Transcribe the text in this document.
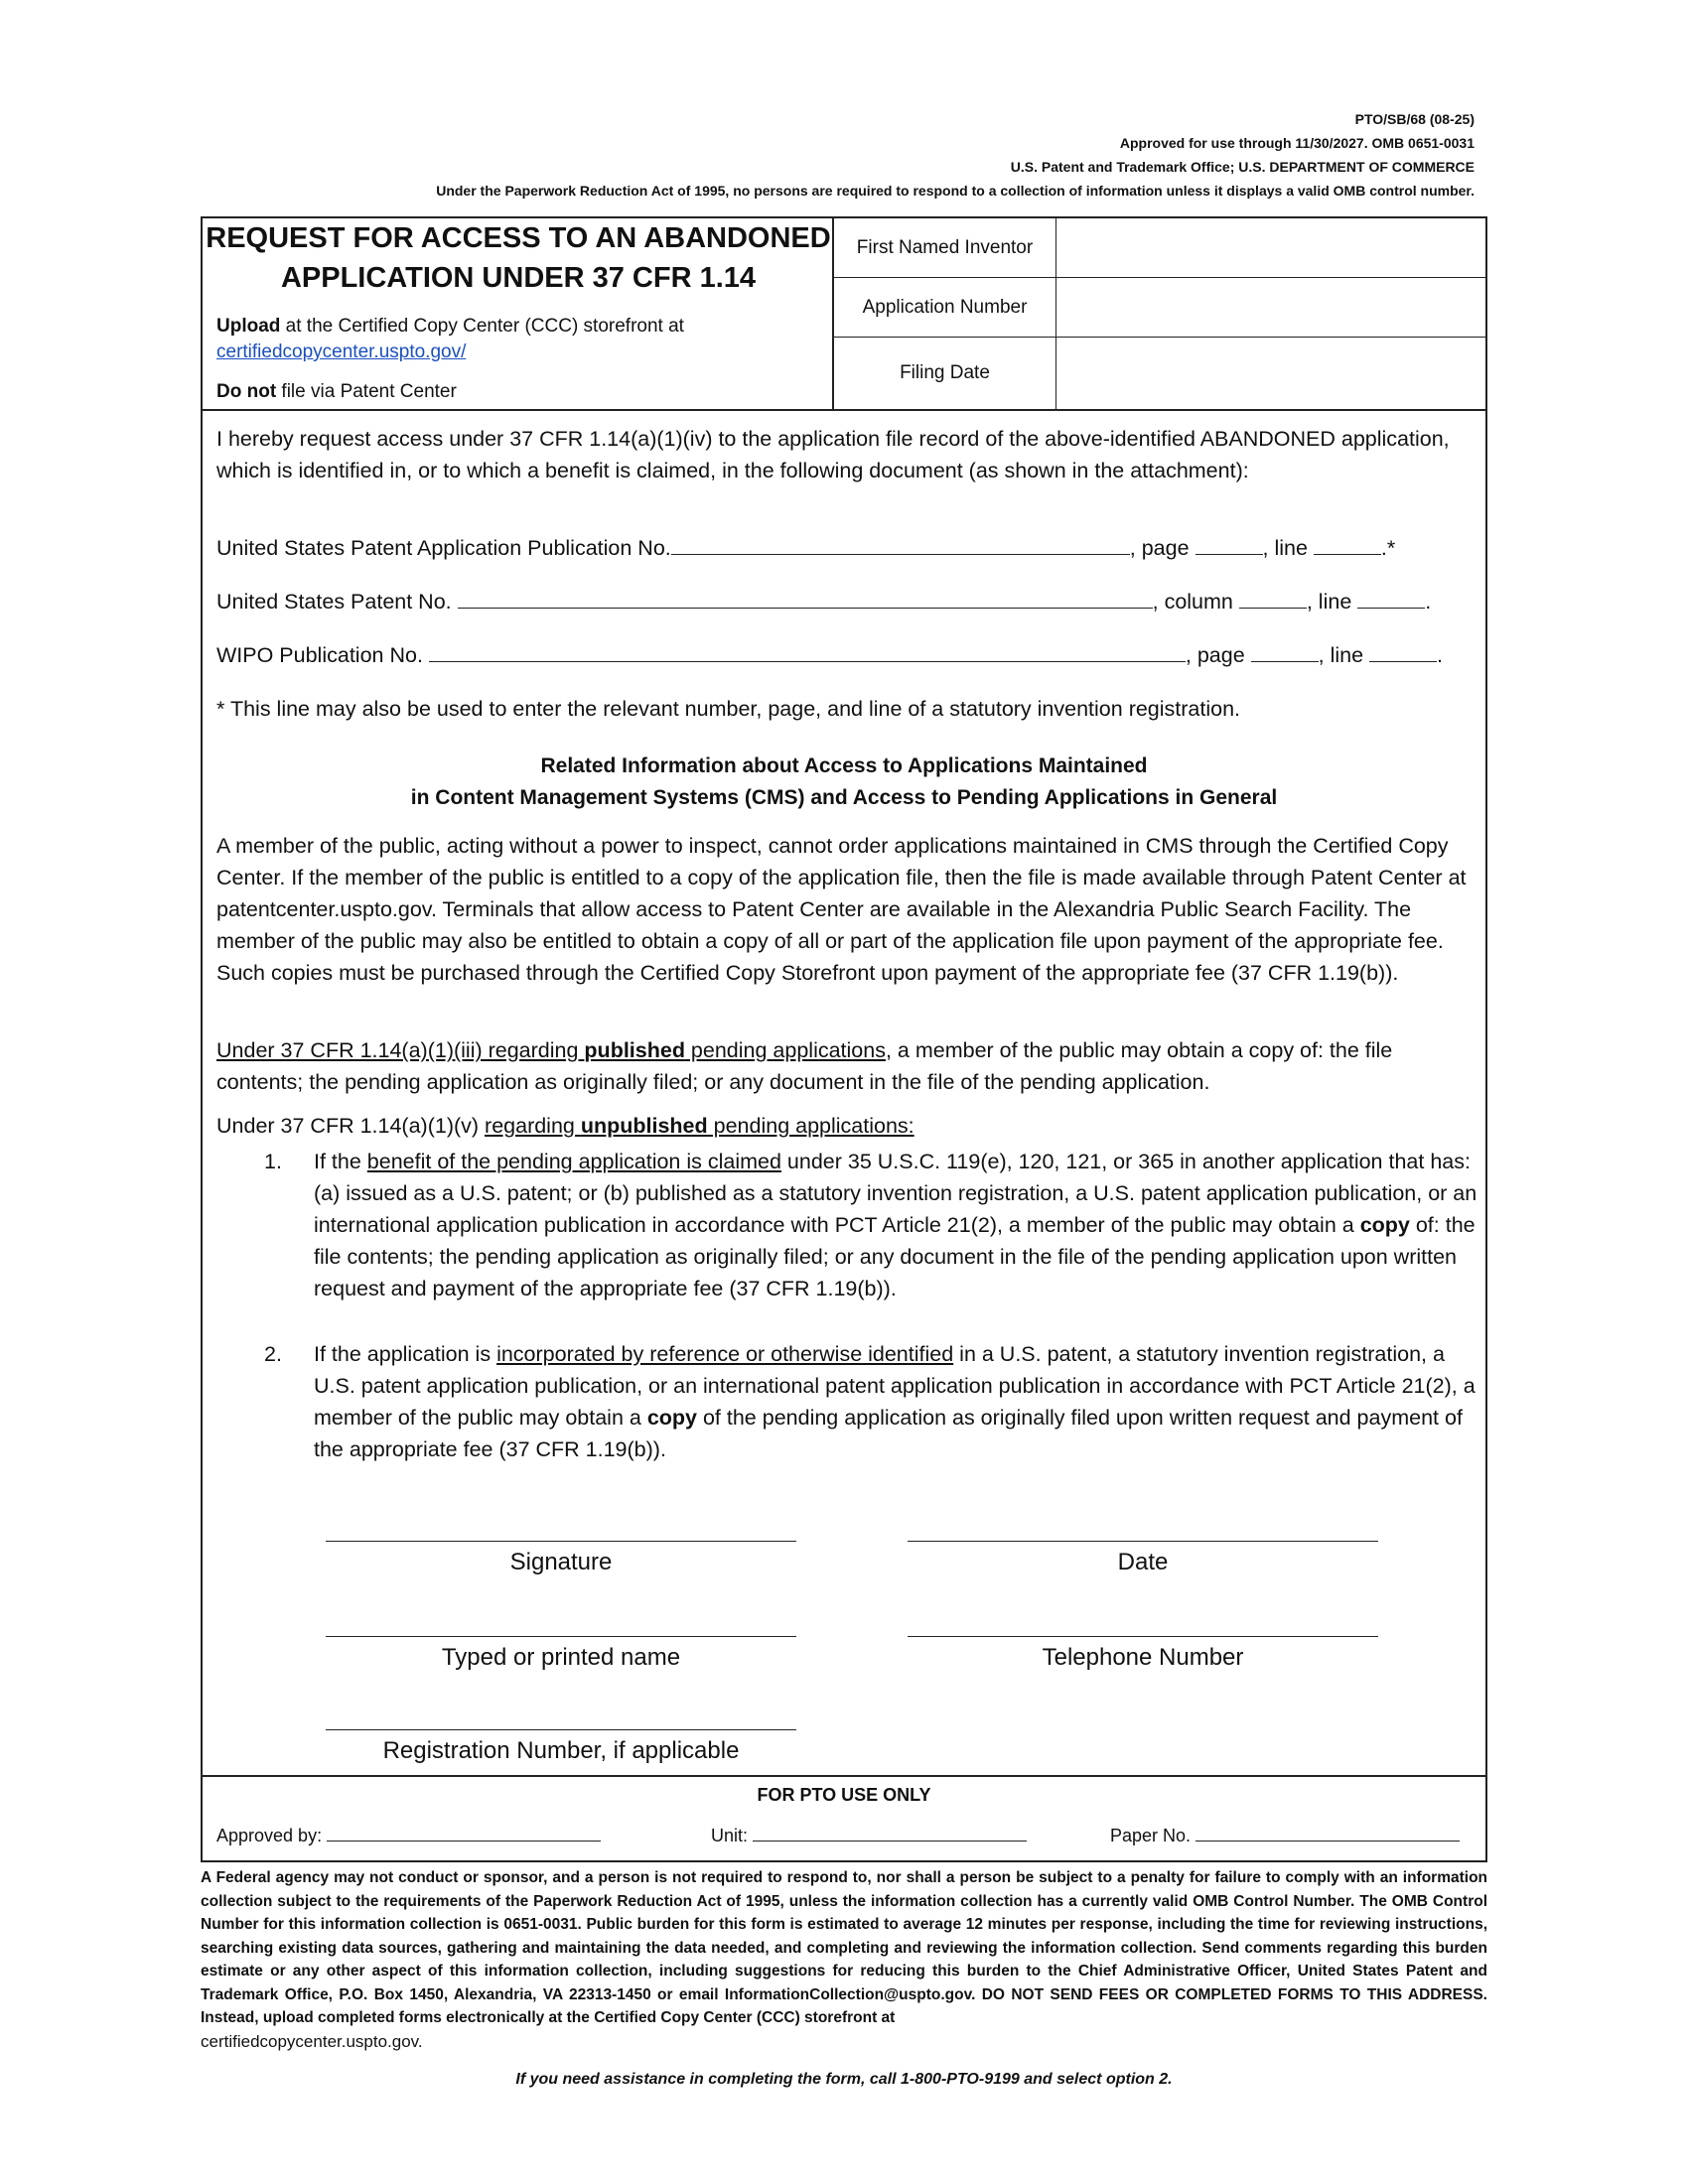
PTO/SB/68 (08-25)
Approved for use through 11/30/2027. OMB 0651-0031
U.S. Patent and Trademark Office; U.S. DEPARTMENT OF COMMERCE
Under the Paperwork Reduction Act of 1995, no persons are required to respond to a collection of information unless it displays a valid OMB control number.
REQUEST FOR ACCESS TO AN ABANDONED
APPLICATION UNDER 37 CFR 1.14
Upload at the Certified Copy Center (CCC) storefront at
certifiedcopycenter.uspto.gov/
Do not file via Patent Center
First Named Inventor
Application Number
Filing Date
I hereby request access under 37 CFR 1.14(a)(1)(iv) to the application file record of the above-identified ABANDONED application, which is identified in, or to which a benefit is claimed, in the following document (as shown in the attachment):
United States Patent Application Publication No.	, page	, line	.*
United States Patent No.	, column	, line	.
WIPO Publication No.	, page	, line	.
* This line may also be used to enter the relevant number, page, and line of a statutory invention registration.
Related Information about Access to Applications Maintained
in Content Management Systems (CMS) and Access to Pending Applications in General
A member of the public, acting without a power to inspect, cannot order applications maintained in CMS through the Certified Copy Center. If the member of the public is entitled to a copy of the application file, then the file is made available through Patent Center at patentcenter.uspto.gov. Terminals that allow access to Patent Center are available in the Alexandria Public Search Facility. The member of the public may also be entitled to obtain a copy of all or part of the application file upon payment of the appropriate fee. Such copies must be purchased through the Certified Copy Storefront upon payment of the appropriate fee (37 CFR 1.19(b)).
Under 37 CFR 1.14(a)(1)(iii) regarding published pending applications, a member of the public may obtain a copy of: the file contents; the pending application as originally filed; or any document in the file of the pending application.
Under 37 CFR 1.14(a)(1)(v) regarding unpublished pending applications:
1. If the benefit of the pending application is claimed under 35 U.S.C. 119(e), 120, 121, or 365 in another application that has: (a) issued as a U.S. patent; or (b) published as a statutory invention registration, a U.S. patent application publication, or an international application publication in accordance with PCT Article 21(2), a member of the public may obtain a copy of: the file contents; the pending application as originally filed; or any document in the file of the pending application upon written request and payment of the appropriate fee (37 CFR 1.19(b)).
2. If the application is incorporated by reference or otherwise identified in a U.S. patent, a statutory invention registration, a U.S. patent application publication, or an international patent application publication in accordance with PCT Article 21(2), a member of the public may obtain a copy of the pending application as originally filed upon written request and payment of the appropriate fee (37 CFR 1.19(b)).
Signature	Date
Typed or printed name	Telephone Number
Registration Number, if applicable
FOR PTO USE ONLY
Approved by:	Unit:	Paper No.
A Federal agency may not conduct or sponsor, and a person is not required to respond to, nor shall a person be subject to a penalty for failure to comply with an information collection subject to the requirements of the Paperwork Reduction Act of 1995, unless the information collection has a currently valid OMB Control Number. The OMB Control Number for this information collection is 0651-0031. Public burden for this form is estimated to average 12 minutes per response, including the time for reviewing instructions, searching existing data sources, gathering and maintaining the data needed, and completing and reviewing the information collection. Send comments regarding this burden estimate or any other aspect of this information collection, including suggestions for reducing this burden to the Chief Administrative Officer, United States Patent and Trademark Office, P.O. Box 1450, Alexandria, VA 22313-1450 or email InformationCollection@uspto.gov. DO NOT SEND FEES OR COMPLETED FORMS TO THIS ADDRESS. Instead, upload completed forms electronically at the Certified Copy Center (CCC) storefront at
certifiedcopycenter.uspto.gov.
If you need assistance in completing the form, call 1-800-PTO-9199 and select option 2.
